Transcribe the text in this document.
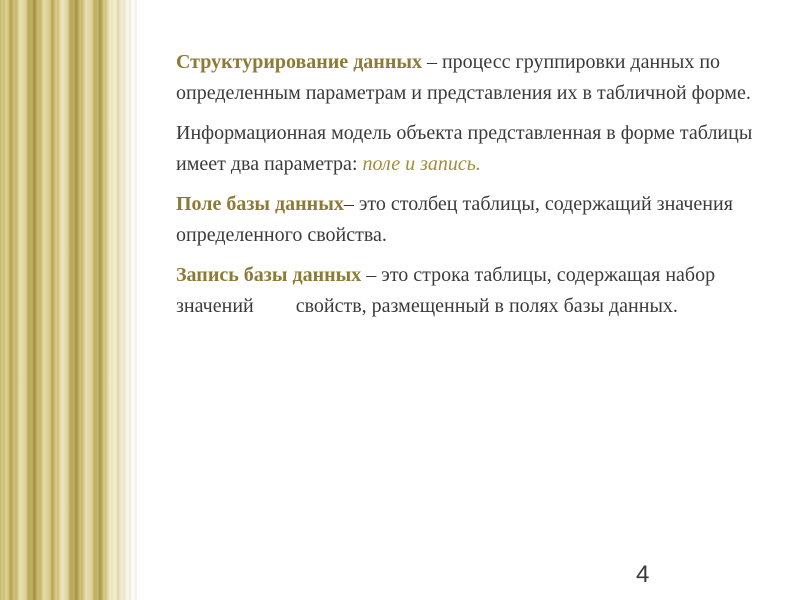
Структурирование данных – процесс группировки данных по определенным параметрам и представления их в табличной форме.

Информационная модель объекта представленная в форме таблицы имеет два параметра: поле и запись.

Поле базы данных– это столбец таблицы, содержащий значения определенного свойства.

Запись базы данных – это строка таблицы, содержащая набор значений свойств, размещенный в полях базы данных.

4
